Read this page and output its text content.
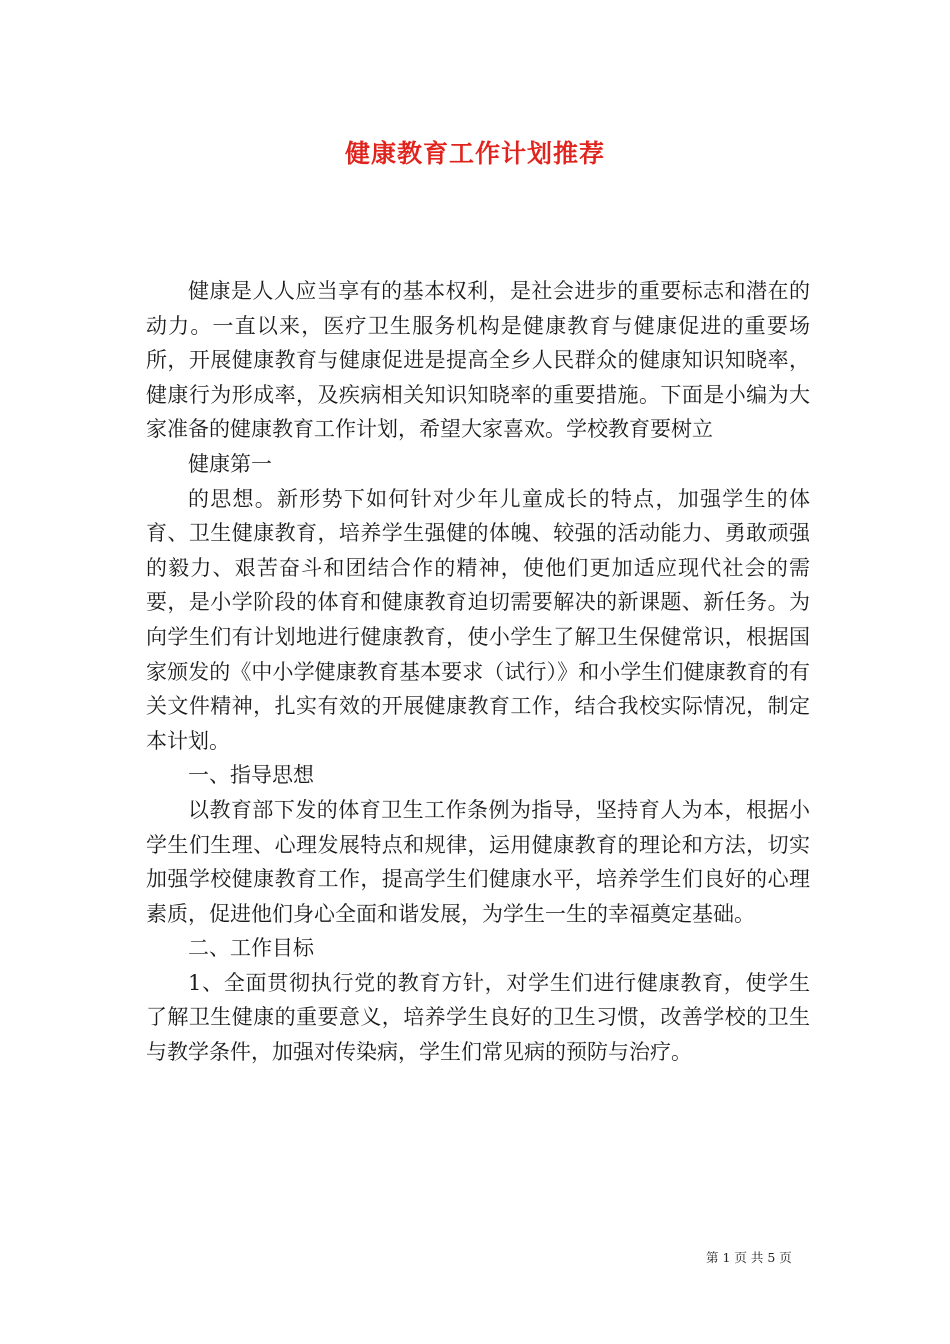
健康教育工作计划推荐

健康是人人应当享有的基本权利，是社会进步的重要标志和潜在的动力。一直以来，医疗卫生服务机构是健康教育与健康促进的重要场所，开展健康教育与健康促进是提高全乡人民群众的健康知识知晓率，健康行为形成率，及疾病相关知识知晓率的重要措施。下面是小编为大家准备的健康教育工作计划，希望大家喜欢。学校教育要树立

健康第一

的思想。新形势下如何针对少年儿童成长的特点，加强学生的体育、卫生健康教育，培养学生强健的体魄、较强的活动能力、勇敢顽强的毅力、艰苦奋斗和团结合作的精神，使他们更加适应现代社会的需要，是小学阶段的体育和健康教育迫切需要解决的新课题、新任务。为向学生们有计划地进行健康教育，使小学生了解卫生保健常识，根据国家颁发的《中小学健康教育基本要求（试行）》和小学生们健康教育的有关文件精神，扎实有效的开展健康教育工作，结合我校实际情况，制定本计划。

一、指导思想

以教育部下发的体育卫生工作条例为指导，坚持育人为本，根据小学生们生理、心理发展特点和规律，运用健康教育的理论和方法，切实加强学校健康教育工作，提高学生们健康水平，培养学生们良好的心理素质，促进他们身心全面和谐发展，为学生一生的幸福奠定基础。

二、工作目标

1、全面贯彻执行党的教育方针，对学生们进行健康教育，使学生了解卫生健康的重要意义，培养学生良好的卫生习惯，改善学校的卫生与教学条件，加强对传染病，学生们常见病的预防与治疗。

第 1 页 共 5 页
